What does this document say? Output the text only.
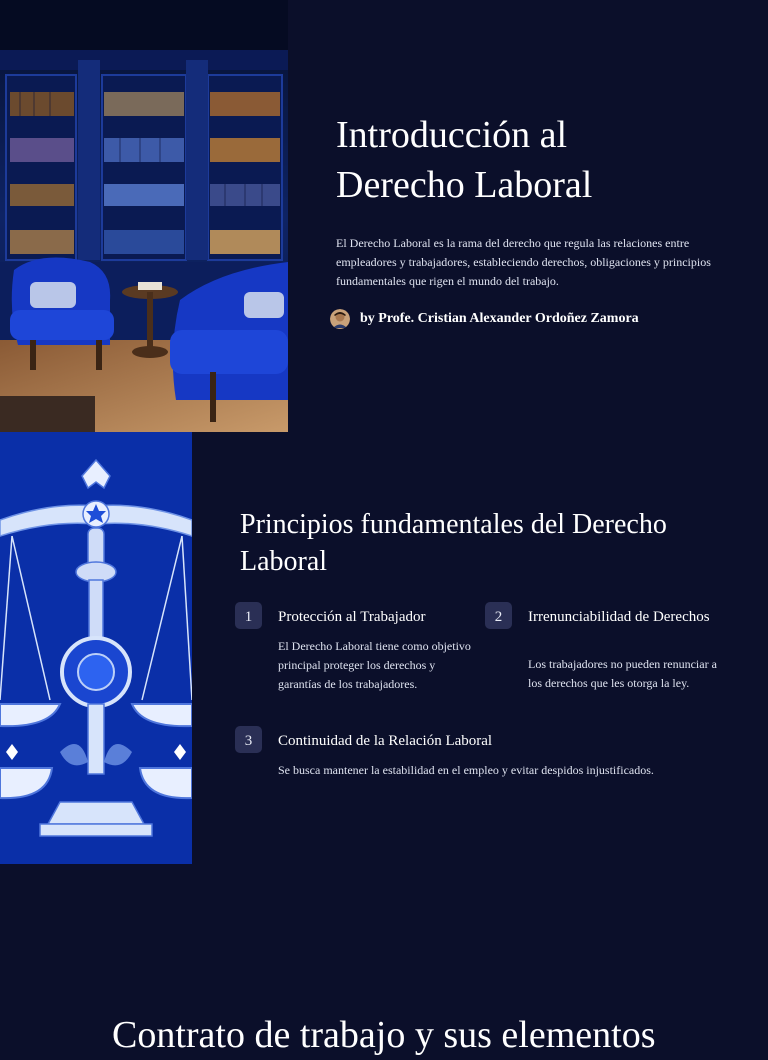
Introducción al
Derecho Laboral

El Derecho Laboral es la rama del derecho que regula las relaciones entre empleadores y trabajadores, estableciendo derechos, obligaciones y principios fundamentales que rigen el mundo del trabajo.

by Profe. Cristian Alexander Ordoñez Zamora
Principios fundamentales del Derecho Laboral
1	Protección al Trabajador
El Derecho Laboral tiene como objetivo principal proteger los derechos y garantías de los trabajadores.
2	Irrenunciabilidad de Derechos
Los trabajadores no pueden renunciar a los derechos que les otorga la ley.
3	Continuidad de la Relación Laboral
Se busca mantener la estabilidad en el empleo y evitar despidos injustificados.
Contrato de trabajo y sus elementos
